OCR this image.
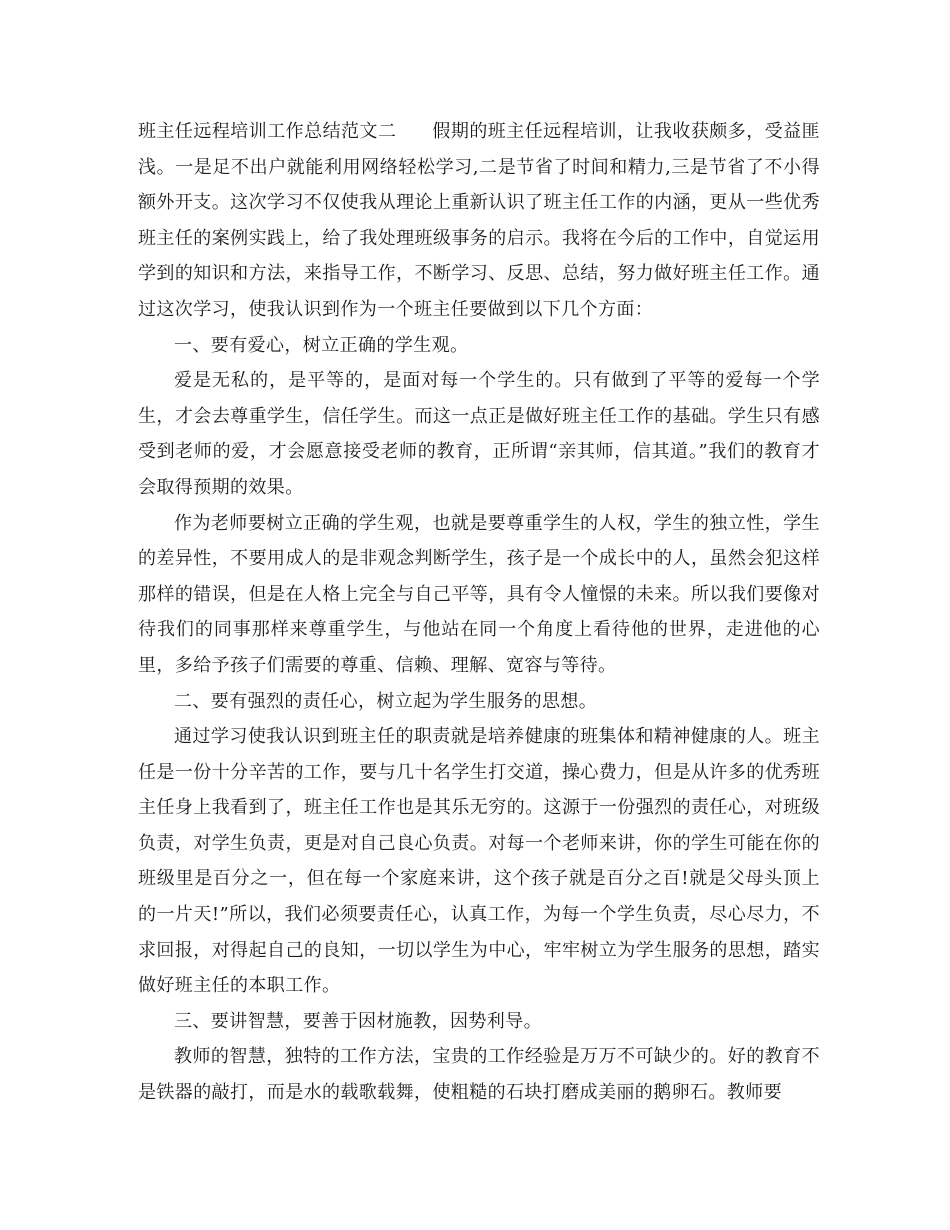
班主任远程培训工作总结范文二 假期的班主任远程培训，让我收获颇多，受益匪浅。一是足不出户就能利用网络轻松学习,二是节省了时间和精力,三是节省了不小得额外开支。这次学习不仅使我从理论上重新认识了班主任工作的内涵，更从一些优秀班主任的案例实践上，给了我处理班级事务的启示。我将在今后的工作中，自觉运用学到的知识和方法，来指导工作，不断学习、反思、总结，努力做好班主任工作。通过这次学习，使我认识到作为一个班主任要做到以下几个方面：

一、要有爱心，树立正确的学生观。

爱是无私的，是平等的，是面对每一个学生的。只有做到了平等的爱每一个学生，才会去尊重学生，信任学生。而这一点正是做好班主任工作的基础。学生只有感受到老师的爱，才会愿意接受老师的教育，正所谓“亲其师，信其道。”我们的教育才会取得预期的效果。

作为老师要树立正确的学生观，也就是要尊重学生的人权，学生的独立性，学生的差异性，不要用成人的是非观念判断学生，孩子是一个成长中的人，虽然会犯这样那样的错误，但是在人格上完全与自己平等，具有令人憧憬的未来。所以我们要像对待我们的同事那样来尊重学生，与他站在同一个角度上看待他的世界，走进他的心里，多给予孩子们需要的尊重、信赖、理解、宽容与等待。

二、要有强烈的责任心，树立起为学生服务的思想。

通过学习使我认识到班主任的职责就是培养健康的班集体和精神健康的人。班主任是一份十分辛苦的工作，要与几十名学生打交道，操心费力，但是从许多的优秀班主任身上我看到了，班主任工作也是其乐无穷的。这源于一份强烈的责任心，对班级负责，对学生负责，更是对自己良心负责。对每一个老师来讲，你的学生可能在你的班级里是百分之一，但在每一个家庭来讲，这个孩子就是百分之百!就是父母头顶上的一片天!”所以，我们必须要责任心，认真工作，为每一个学生负责，尽心尽力，不求回报，对得起自己的良知，一切以学生为中心，牢牢树立为学生服务的思想，踏实做好班主任的本职工作。

三、要讲智慧，要善于因材施教，因势利导。

教师的智慧，独特的工作方法，宝贵的工作经验是万万不可缺少的。好的教育不是铁器的敲打，而是水的载歌载舞，使粗糙的石块打磨成美丽的鹅卵石。教师要
